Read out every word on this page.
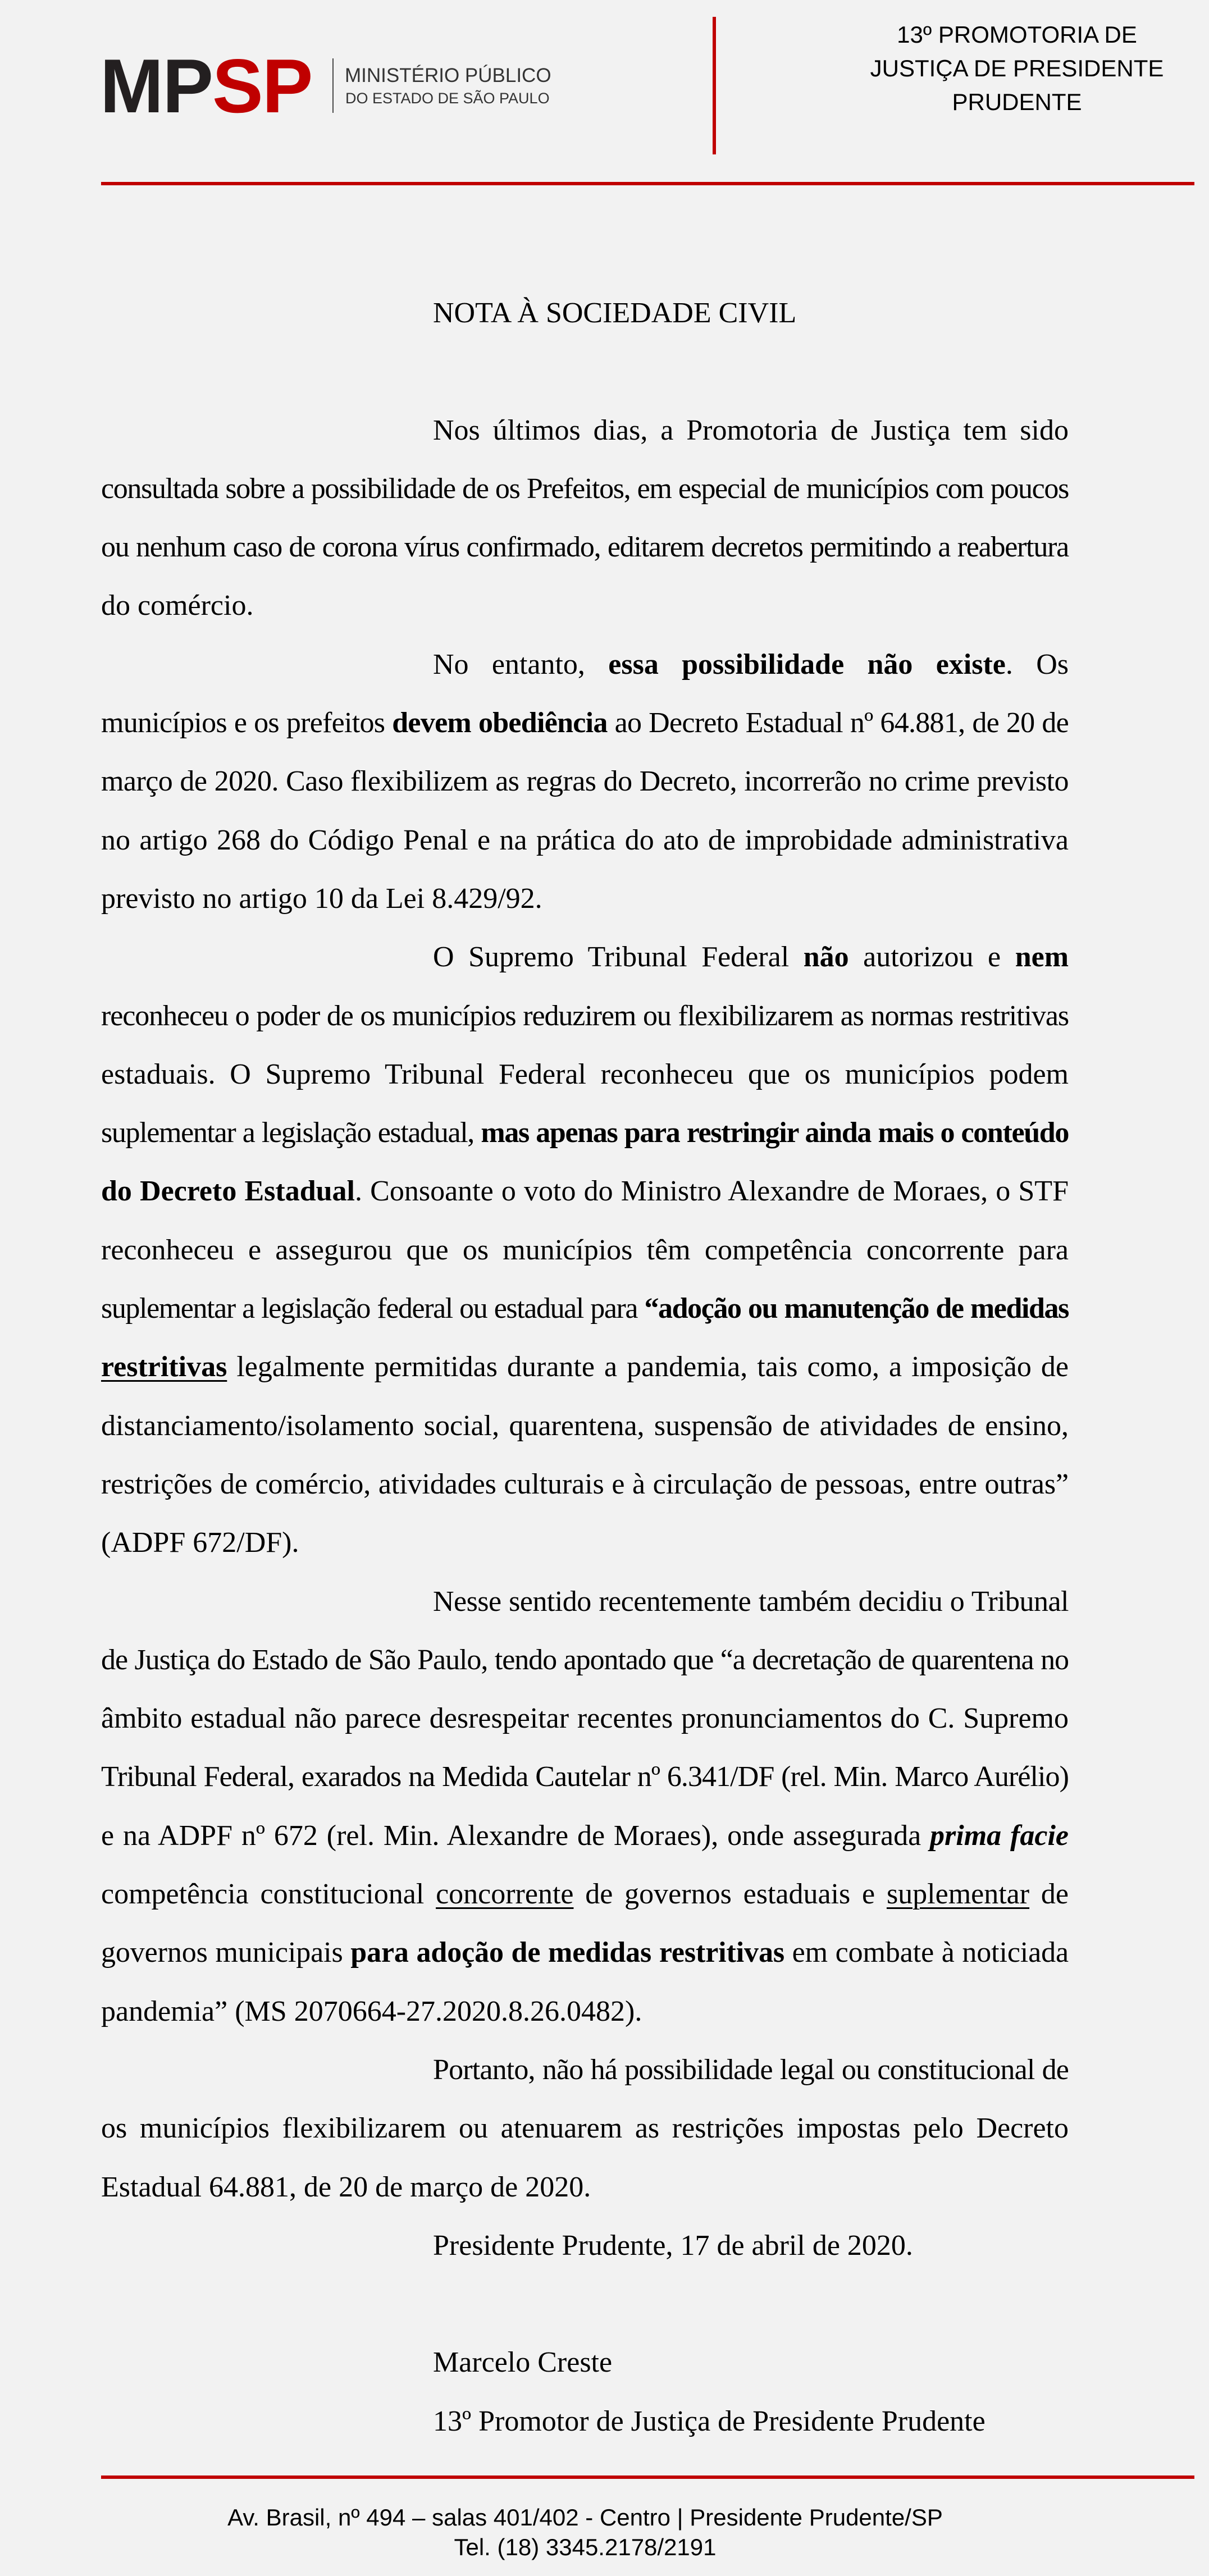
MPSP MINISTÉRIO PÚBLICO
DO ESTADO DE SÃO PAULO
13º PROMOTORIA DE
JUSTIÇA DE PRESIDENTE
PRUDENTE
NOTA À SOCIEDADE CIVIL
Nos últimos dias, a Promotoria de Justiça tem sido
consultada sobre a possibilidade de os Prefeitos, em especial de municípios com poucos
ou nenhum caso de corona vírus confirmado, editarem decretos permitindo a reabertura
do comércio.
No entanto, essa possibilidade não existe. Os
municípios e os prefeitos devem obediência ao Decreto Estadual nº 64.881, de 20 de
março de 2020. Caso flexibilizem as regras do Decreto, incorrerão no crime previsto
no artigo 268 do Código Penal e na prática do ato de improbidade administrativa
previsto no artigo 10 da Lei 8.429/92.
O Supremo Tribunal Federal não autorizou e nem
reconheceu o poder de os municípios reduzirem ou flexibilizarem as normas restritivas
estaduais. O Supremo Tribunal Federal reconheceu que os municípios podem
suplementar a legislação estadual, mas apenas para restringir ainda mais o conteúdo
do Decreto Estadual. Consoante o voto do Ministro Alexandre de Moraes, o STF
reconheceu e assegurou que os municípios têm competência concorrente para
suplementar a legislação federal ou estadual para “adoção ou manutenção de medidas
restritivas legalmente permitidas durante a pandemia, tais como, a imposição de
distanciamento/isolamento social, quarentena, suspensão de atividades de ensino,
restrições de comércio, atividades culturais e à circulação de pessoas, entre outras”
(ADPF 672/DF).
Nesse sentido recentemente também decidiu o Tribunal
de Justiça do Estado de São Paulo, tendo apontado que “a decretação de quarentena no
âmbito estadual não parece desrespeitar recentes pronunciamentos do C. Supremo
Tribunal Federal, exarados na Medida Cautelar nº 6.341/DF (rel. Min. Marco Aurélio)
e na ADPF nº 672 (rel. Min. Alexandre de Moraes), onde assegurada prima facie
competência constitucional concorrente de governos estaduais e suplementar de
governos municipais para adoção de medidas restritivas em combate à noticiada
pandemia” (MS 2070664-27.2020.8.26.0482).
Portanto, não há possibilidade legal ou constitucional de
os municípios flexibilizarem ou atenuarem as restrições impostas pelo Decreto
Estadual 64.881, de 20 de março de 2020.
Presidente Prudente, 17 de abril de 2020.
Marcelo Creste
13º Promotor de Justiça de Presidente Prudente
Av. Brasil, nº 494 – salas 401/402 - Centro | Presidente Prudente/SP
Tel. (18) 3345.2178/2191
